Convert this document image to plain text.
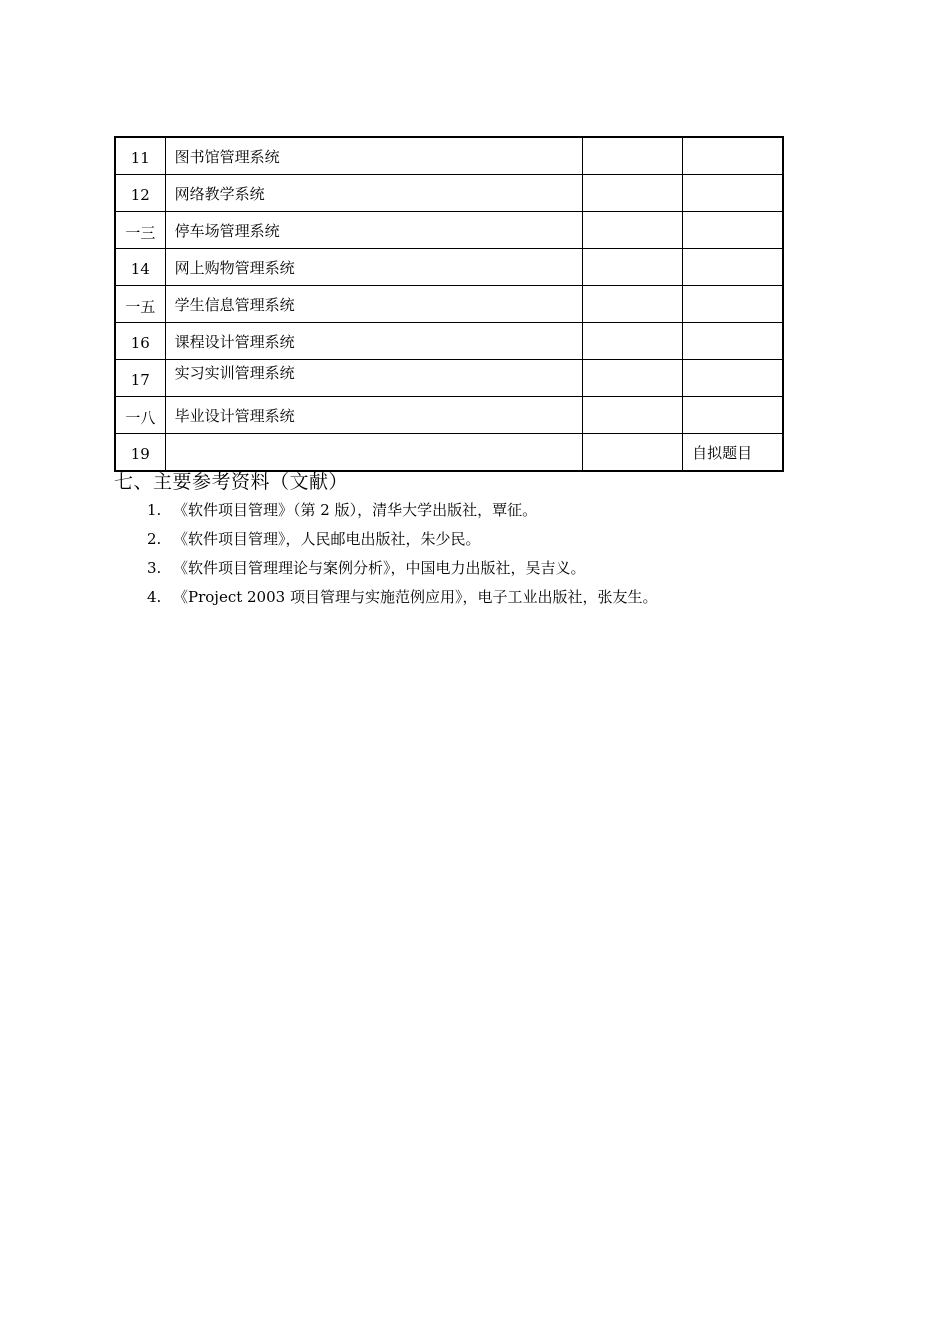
11	图书馆管理系统		
12	网络教学系统		
一三	停车场管理系统		
14	网上购物管理系统		
一五	学生信息管理系统		
16	课程设计管理系统		
17	实习实训管理系统		
一八	毕业设计管理系统		
19			自拟题目
七、主要参考资料（文献）
1. 《软件项目管理》（第 2 版），清华大学出版社，覃征。
2. 《软件项目管理》，人民邮电出版社，朱少民。
3. 《软件项目管理理论与案例分析》，中国电力出版社，吴吉义。
4. 《Project 2003 项目管理与实施范例应用》，电子工业出版社，张友生。
